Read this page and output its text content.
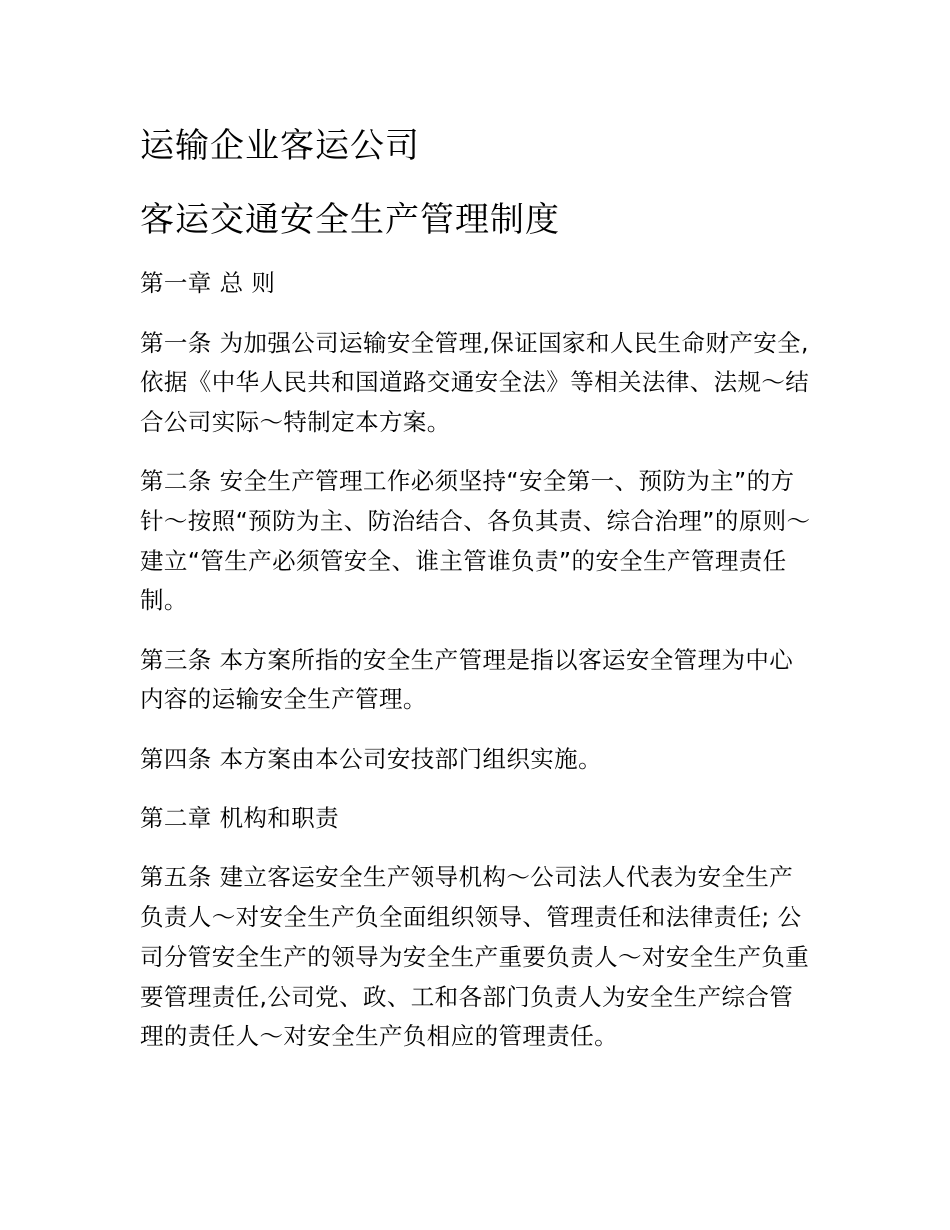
运输企业客运公司
客运交通安全生产管理制度

第一章 总 则

第一条 为加强公司运输安全管理,保证国家和人民生命财产安全,依据《中华人民共和国道路交通安全法》等相关法律、法规～结合公司实际～特制定本方案。

第二条 安全生产管理工作必须坚持“安全第一、预防为主”的方针～按照“预防为主、防治结合、各负其责、综合治理”的原则～建立“管生产必须管安全、谁主管谁负责”的安全生产管理责任制。

第三条 本方案所指的安全生产管理是指以客运安全管理为中心内容的运输安全生产管理。

第四条 本方案由本公司安技部门组织实施。

第二章 机构和职责

第五条 建立客运安全生产领导机构～公司法人代表为安全生产负责人～对安全生产负全面组织领导、管理责任和法律责任; 公司分管安全生产的领导为安全生产重要负责人～对安全生产负重要管理责任,公司党、政、工和各部门负责人为安全生产综合管理的责任人～对安全生产负相应的管理责任。
